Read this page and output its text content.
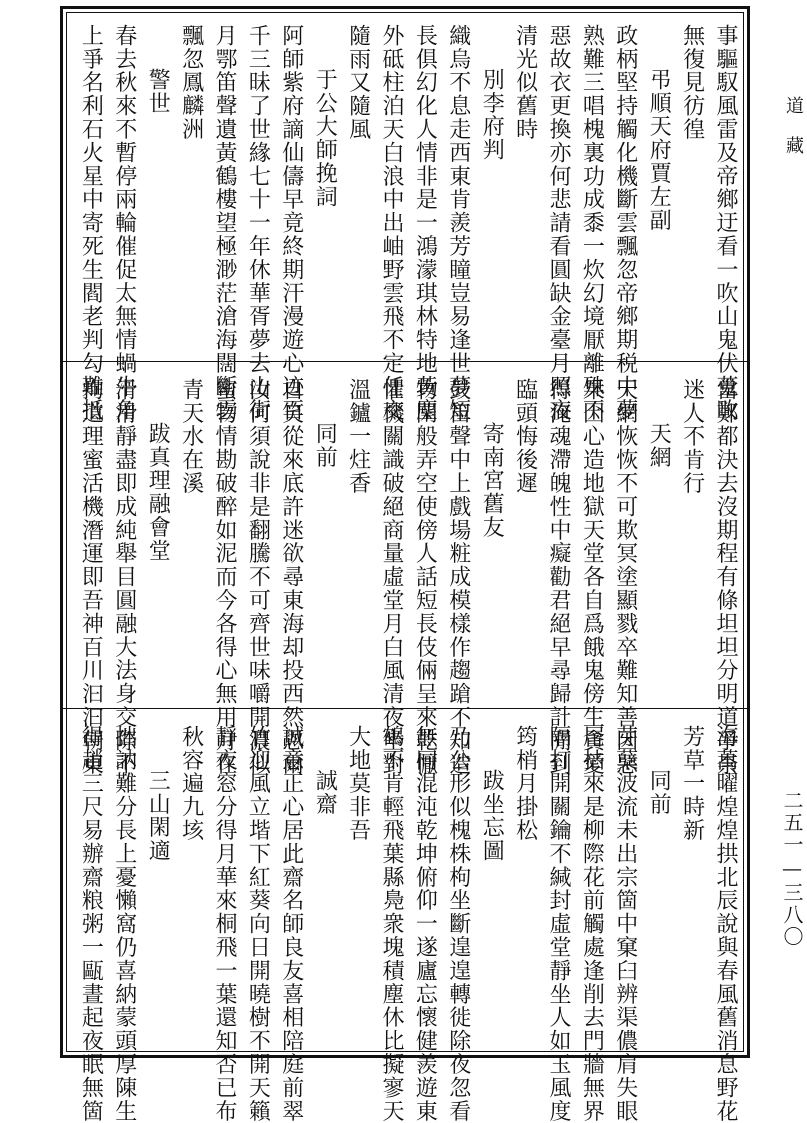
事驅馭風雷及帝鄉迂看一吹山鬼伏蒐畋
無復見彷徨
弔順天府賈左副
政柄堅持觸化機斷雲飄忽帝鄉期税中夢
熟難三唱槐裏功成黍一炊幻境厭離殊不
惡故衣更換亦何悲請看圓缺金臺月照夜
清光似舊時
別李府判
織烏不息走西東肯羨芳瞳豈易逢世夢短
長俱幻化人情非是一鴻濛琪林特地黃塵
外砥柱泊天白浪中出岫野雲飛不定任交
隨雨又隨風
于公大師挽詞
阿師紫府謫仙儔早竟終期汗漫遊心迹百
千三昧了世緣七十一年休華胥夢去山街
月鄂笛聲遺黃鶴樓望極渺茫滄海闊斷雲
飄忽鳳麟洲
警世
春去秋來不暫停兩輪催促太無情蝸牛角
上爭名利石火星中寄死生閻老判勾難抵
當鄭都決去沒期程有條坦坦分明道爭柰
迷人不肯行
天網
天網恢恢不可欺冥塗顯戮卒難知善因惡
果因心造地獄天堂各自爲餓鬼傍生貪愛
得淹魂滯魄性中癡勸君絕早尋歸計閒到
臨頭悔後遲
寄南宮舊友
鼓笛聲中上戲場粧成模樣作趨蹌不知造
物閑般弄空使傍人話短長伎倆呈來乾懨
懼機關識破絕商量虛堂月白風清夜坐對
溫鑪一炷香
同前
自笑從來底許迷欲尋東海却投西然恩爾
汝何須說非是翻騰不可齊世味嚼開濃似
蜜物情勘破醉如泥而今各得心無用月在
青天水在溪
跋真理融會堂
滑滑靜盡即成純舉目圓融大法身交際不
拘道理蜜活機潛運即吾神百川汩汩朝東
海萬曜煌煌拱北辰說與春風舊消息野花
芳草一時新
同前
芽蘖波流未出宗箇中窠臼辨渠儂肩失眼
尾拈來是柳際花前觸處逢削去門牆無界
隔打開關鑰不緘封虛堂靜坐人如玉風度
筠梢月掛松
跋坐忘圖
乃公形似槐株枸坐斷遑遑轉徙除夜忽看
無同混沌乾坤俯仰一遂廬忘懷健羨遊東
鶴不肯輕飛葉縣鳧衆塊積塵休比擬寥天
大地莫非吾
誠齋
誠意正心居此齋名師良友喜相陪庭前翠
竹迎風立堦下紅葵向日開曉樹不開天籟
靜夜窓分得月華來桐飛一葉還知否已布
秋容遍九垓
三山閑適
拙訥難分長上憂懶窩仍喜納蒙頭厚陳生
得趙三尺易辦齋粮粥一甌晝起夜眠無箇
道藏
二五一—三八〇
